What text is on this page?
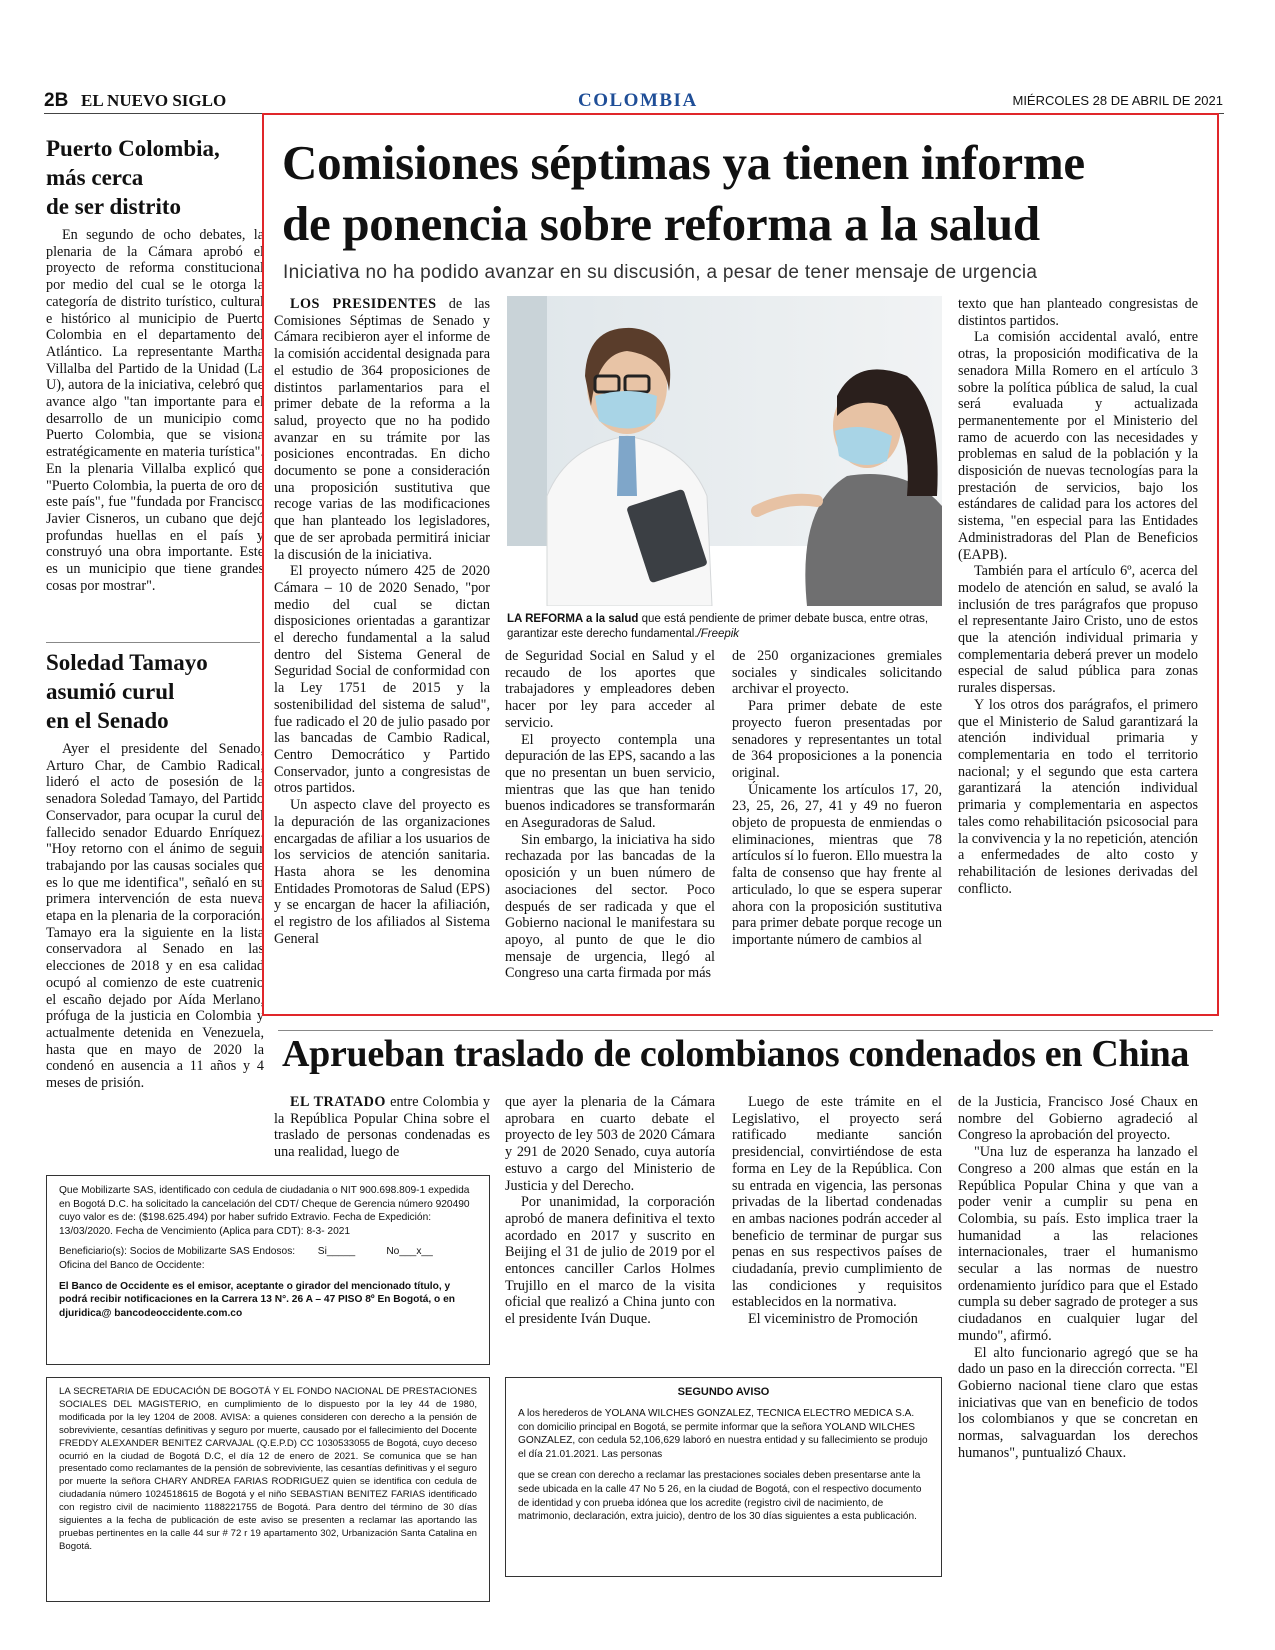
2B EL NUEVO SIGLO	COLOMBIA	MIÉRCOLES 28 DE ABRIL DE 2021
Puerto Colombia,
más cerca
de ser distrito

En segundo de ocho debates, la plenaria de la Cámara aprobó el proyecto de reforma constitucional por medio del cual se le otorga la categoría de distrito turístico, cultural e histórico al municipio de Puerto Colombia en el departamento del Atlántico. La representante Martha Villalba del Partido de la Unidad (La U), autora de la iniciativa, celebró que avance algo "tan importante para el desarrollo de un municipio como Puerto Colombia, que se visiona estratégicamente en materia turística". En la plenaria Villalba explicó que "Puerto Colombia, la puerta de oro de este país", fue "fundada por Francisco Javier Cisneros, un cubano que dejó profundas huellas en el país y construyó una obra importante. Este es un municipio que tiene grandes cosas por mostrar".

Soledad Tamayo
asumió curul
en el Senado

Ayer el presidente del Senado, Arturo Char, de Cambio Radical, lideró el acto de posesión de la senadora Soledad Tamayo, del Partido Conservador, para ocupar la curul del fallecido senador Eduardo Enríquez. "Hoy retorno con el ánimo de seguir trabajando por las causas sociales que es lo que me identifica", señaló en su primera intervención de esta nueva etapa en la plenaria de la corporación. Tamayo era la siguiente en la lista conservadora al Senado en las elecciones de 2018 y en esa calidad ocupó al comienzo de este cuatrenio el escaño dejado por Aída Merlano, prófuga de la justicia en Colombia y actualmente detenida en Venezuela, hasta que en mayo de 2020 la condenó en ausencia a 11 años y 4 meses de prisión.

Comisiones séptimas ya tienen informe
de ponencia sobre reforma a la salud
Iniciativa no ha podido avanzar en su discusión, a pesar de tener mensaje de urgencia

LOS PRESIDENTES de las Comisiones Séptimas de Senado y Cámara recibieron ayer el informe de la comisión accidental designada para el estudio de 364 proposiciones de distintos parlamentarios para el primer debate de la reforma a la salud, proyecto que no ha podido avanzar en su trámite por las posiciones encontradas. En dicho documento se pone a consideración una proposición sustitutiva que recoge varias de las modificaciones que han planteado los legisladores, que de ser aprobada permitirá iniciar la discusión de la iniciativa.

El proyecto número 425 de 2020 Cámara – 10 de 2020 Senado, "por medio del cual se dictan disposiciones orientadas a garantizar el derecho fundamental a la salud dentro del Sistema General de Seguridad Social de conformidad con la Ley 1751 de 2015 y la sostenibilidad del sistema de salud", fue radicado el 20 de julio pasado por las bancadas de Cambio Radical, Centro Democrático y Partido Conservador, junto a congresistas de otros partidos.

Un aspecto clave del proyecto es la depuración de las organizaciones encargadas de afiliar a los usuarios de los servicios de atención sanitaria. Hasta ahora se les denomina Entidades Promotoras de Salud (EPS) y se encargan de hacer la afiliación, el registro de los afiliados al Sistema General

LA REFORMA a la salud que está pendiente de primer debate busca, entre otras, garantizar este derecho fundamental./Freepik

de Seguridad Social en Salud y el recaudo de los aportes que trabajadores y empleadores deben hacer por ley para acceder al servicio.

El proyecto contempla una depuración de las EPS, sacando a las que no presentan un buen servicio, mientras que las que han tenido buenos indicadores se transformarán en Aseguradoras de Salud.

Sin embargo, la iniciativa ha sido rechazada por las bancadas de la oposición y un buen número de asociaciones del sector. Poco después de ser radicada y que el Gobierno nacional le manifestara su apoyo, al punto de que le dio mensaje de urgencia, llegó al Congreso una carta firmada por más

de 250 organizaciones gremiales sociales y sindicales solicitando archivar el proyecto.

Para primer debate de este proyecto fueron presentadas por senadores y representantes un total de 364 proposiciones a la ponencia original.

Únicamente los artículos 17, 20, 23, 25, 26, 27, 41 y 49 no fueron objeto de propuesta de enmiendas o eliminaciones, mientras que 78 artículos sí lo fueron. Ello muestra la falta de consenso que hay frente al articulado, lo que se espera superar ahora con la proposición sustitutiva para primer debate porque recoge un importante número de cambios al

texto que han planteado congresistas de distintos partidos.

La comisión accidental avaló, entre otras, la proposición modificativa de la senadora Milla Romero en el artículo 3 sobre la política pública de salud, la cual será evaluada y actualizada permanentemente por el Ministerio del ramo de acuerdo con las necesidades y problemas en salud de la población y la disposición de nuevas tecnologías para la prestación de servicios, bajo los estándares de calidad para los actores del sistema, "en especial para las Entidades Administradoras del Plan de Beneficios (EAPB).

También para el artículo 6º, acerca del modelo de atención en salud, se avaló la inclusión de tres parágrafos que propuso el representante Jairo Cristo, uno de estos que la atención individual primaria y complementaria deberá prever un modelo especial de salud pública para zonas rurales dispersas.

Y los otros dos parágrafos, el primero que el Ministerio de Salud garantizará la atención individual primaria y complementaria en todo el territorio nacional; y el segundo que esta cartera garantizará la atención individual primaria y complementaria en aspectos tales como rehabilitación psicosocial para la convivencia y la no repetición, atención a enfermedades de alto costo y rehabilitación de lesiones derivadas del conflicto.

Aprueban traslado de colombianos condenados en China

EL TRATADO entre Colombia y la República Popular China sobre el traslado de personas condenadas es una realidad, luego de

que ayer la plenaria de la Cámara aprobara en cuarto debate el proyecto de ley 503 de 2020 Cámara y 291 de 2020 Senado, cuya autoría estuvo a cargo del Ministerio de Justicia y del Derecho.

Por unanimidad, la corporación aprobó de manera definitiva el texto acordado en 2017 y suscrito en Beijing el 31 de julio de 2019 por el entonces canciller Carlos Holmes Trujillo en el marco de la visita oficial que realizó a China junto con el presidente Iván Duque.

Luego de este trámite en el Legislativo, el proyecto será ratificado mediante sanción presidencial, convirtiéndose de esta forma en Ley de la República. Con su entrada en vigencia, las personas privadas de la libertad condenadas en ambas naciones podrán acceder al beneficio de terminar de purgar sus penas en sus respectivos países de ciudadanía, previo cumplimiento de las condiciones y requisitos establecidos en la normativa.

El viceministro de Promoción

de la Justicia, Francisco José Chaux en nombre del Gobierno agradeció al Congreso la aprobación del proyecto.

"Una luz de esperanza ha lanzado el Congreso a 200 almas que están en la República Popular China y que van a poder venir a cumplir su pena en Colombia, su país. Esto implica traer la humanidad a las relaciones internacionales, traer el humanismo secular a las normas de nuestro ordenamiento jurídico para que el Estado cumpla su deber sagrado de proteger a sus ciudadanos en cualquier lugar del mundo", afirmó.

El alto funcionario agregó que se ha dado un paso en la dirección correcta. "El Gobierno nacional tiene claro que estas iniciativas que van en beneficio de todos los colombianos y que se concretan en normas, salvaguardan los derechos humanos", puntualizó Chaux.

Que Mobilizarte SAS, identificado con cedula de ciudadania o NIT 900.698.809-1 expedida en Bogotá D.C. ha solicitado la cancelación del CDT/ Cheque de Gerencia número 920490 cuyo valor es de: ($198.625.494) por haber sufrido Extravio. Fecha de Expedición: 13/03/2020. Fecha de Vencimiento (Aplica para CDT): 8-3- 2021

Beneficiario(s): Socios de Mobilizarte SAS Endosos: Si_____	No___x__

Oficina del Banco de Occidente:

El Banco de Occidente es el emisor, aceptante o girador del mencionado título, y podrá recibir notificaciones en la Carrera 13 N°. 26 A – 47 PISO 8º En Bogotá, o en djuridica@ bancodeoccidente.com.co

LA SECRETARIA DE EDUCACIÓN DE BOGOTÁ Y EL FONDO NACIONAL DE PRESTACIONES SOCIALES DEL MAGISTERIO, en cumplimiento de lo dispuesto por la ley 44 de 1980, modificada por la ley 1204 de 2008. AVISA: a quienes consideren con derecho a la pensión de sobreviviente, cesantías definitivas y seguro por muerte, causado por el fallecimiento del Docente FREDDY ALEXANDER BENITEZ CARVAJAL (Q.E.P.D) CC 1030533055 de Bogotá, cuyo deceso ocurrió en la ciudad de Bogotá D.C, el día 12 de enero de 2021. Se comunica que se han presentado como reclamantes de la pensión de sobreviviente, las cesantías definitivas y el seguro por muerte la señora CHARY ANDREA FARIAS RODRIGUEZ quien se identifica con cedula de ciudadanía número 1024518615 de Bogotá y el niño SEBASTIAN BENITEZ FARIAS identificado con registro civil de nacimiento 1188221755 de Bogotá. Para dentro del término de 30 días siguientes a la fecha de publicación de este aviso se presenten a reclamar las aportando las pruebas pertinentes en la calle 44 sur # 72 r 19 apartamento 302, Urbanización Santa Catalina en Bogotá.

SEGUNDO AVISO

A los herederos de YOLANA WILCHES GONZALEZ, TECNICA ELECTRO MEDICA S.A. con domicilio principal en Bogotá, se permite informar que la señora YOLAND WILCHES GONZALEZ, con cedula 52,106,629 laboró en nuestra entidad y su fallecimiento se produjo el día 21.01.2021. Las personas

que se crean con derecho a reclamar las prestaciones sociales deben presentarse ante la sede ubicada en la calle 47 No 5 26, en la ciudad de Bogotá, con el respectivo documento de identidad y con prueba idónea que los acredite (registro civil de nacimiento, de matrimonio, declaración, extra juicio), dentro de los 30 días siguientes a esta publicación.
